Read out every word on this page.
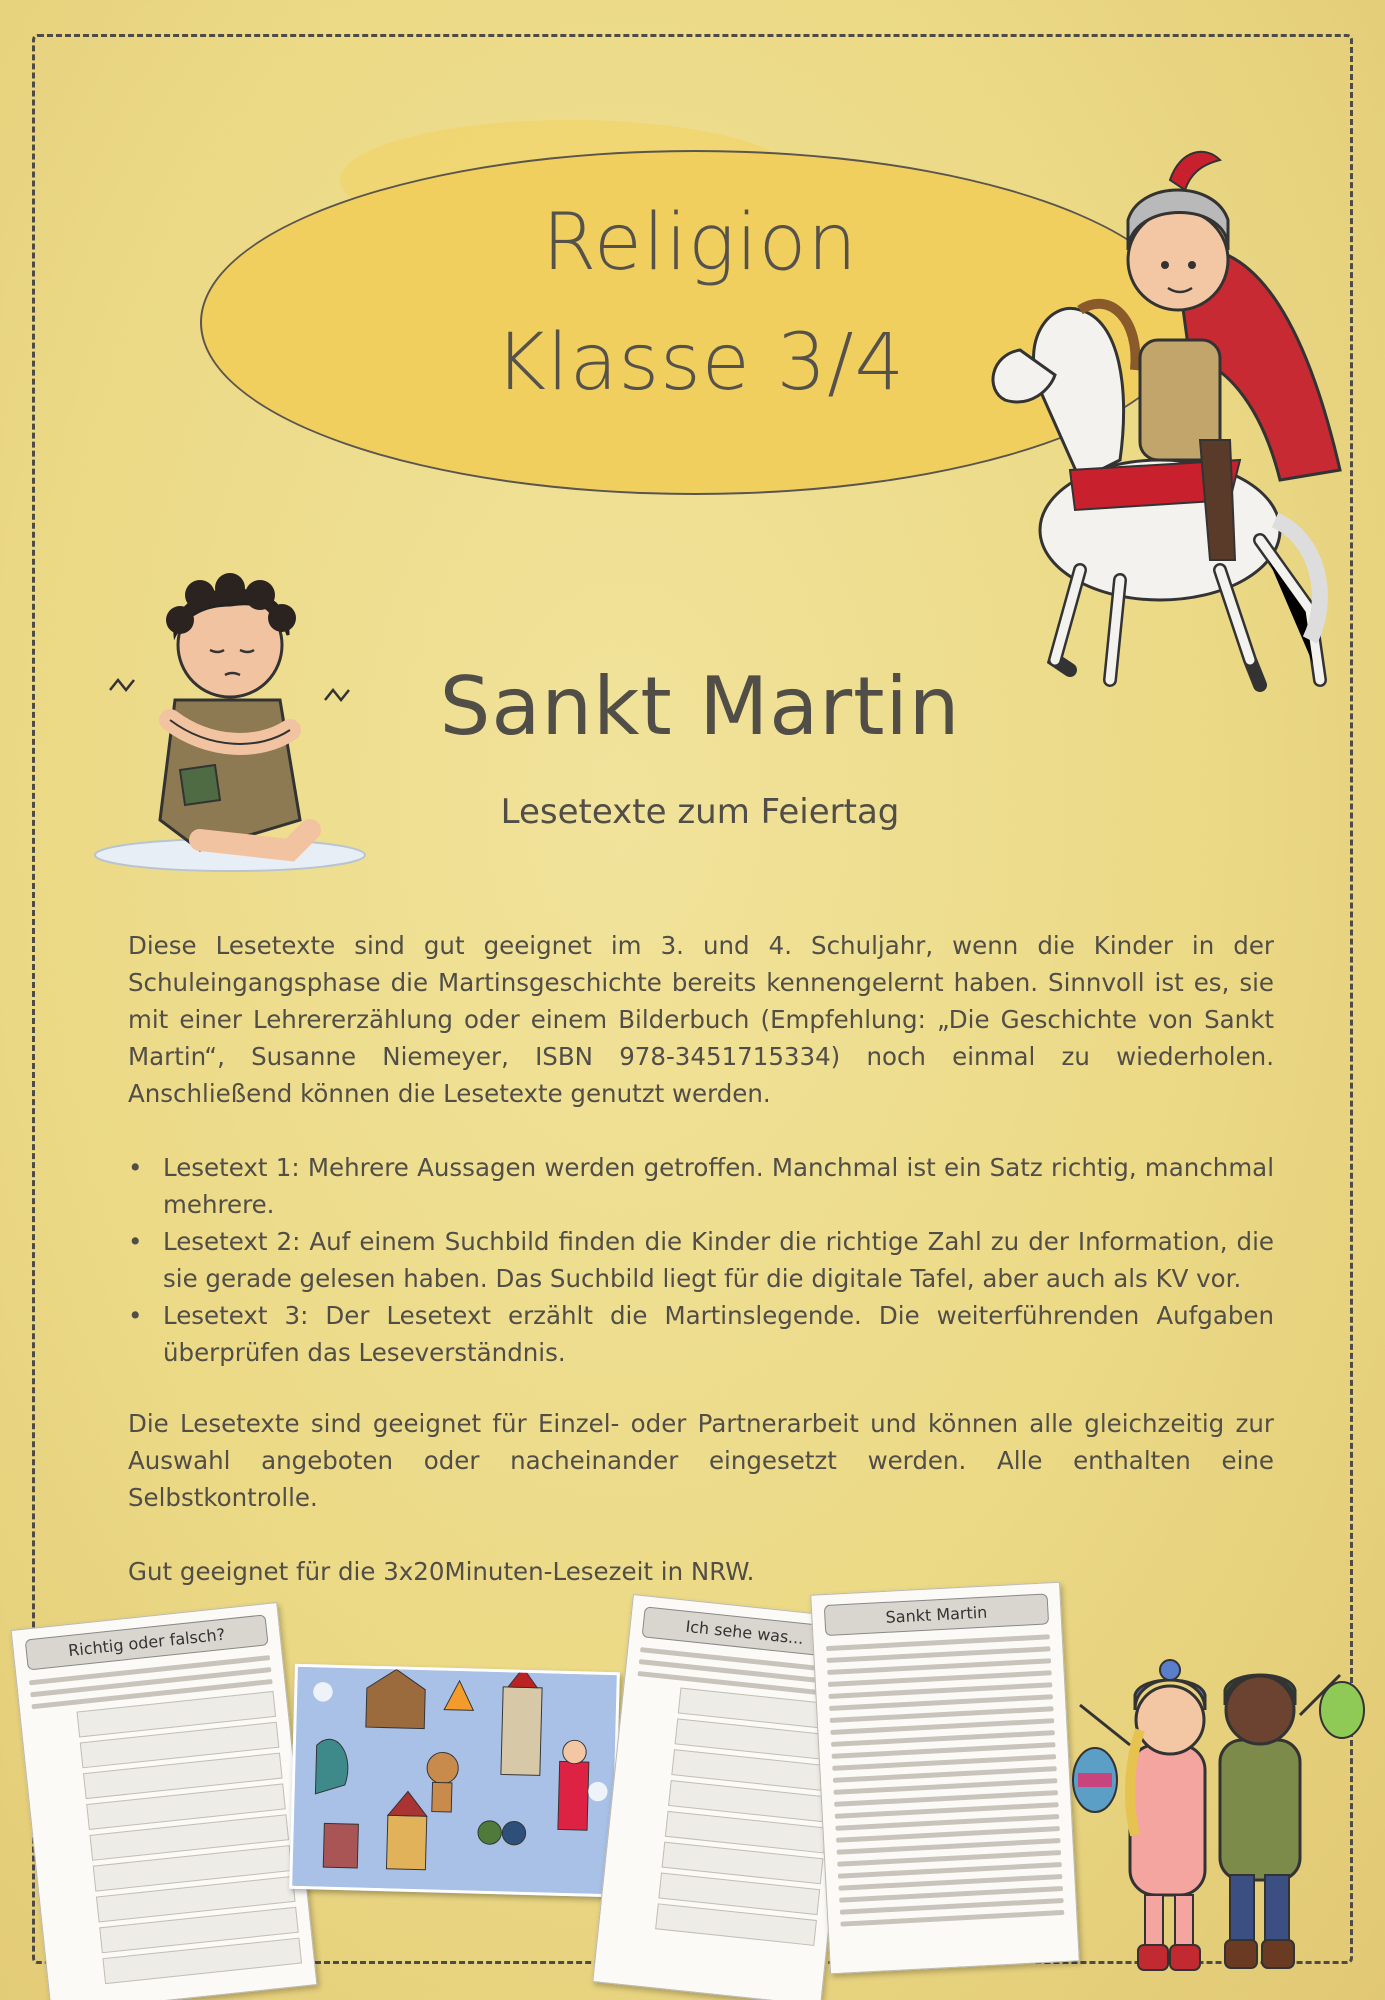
Religion
Klasse 3/4
Sankt Martin
Lesetexte zum Feiertag

Diese Lesetexte sind gut geeignet im 3. und 4. Schuljahr, wenn die Kinder in der Schuleingangsphase die Martinsgeschichte bereits kennengelernt haben. Sinnvoll ist es, sie mit einer Lehrererzählung oder einem Bilderbuch (Empfehlung: „Die Geschichte von Sankt Martin“, Susanne Niemeyer, ISBN 978-3451715334) noch einmal zu wiederholen. Anschließend können die Lesetexte genutzt werden.

• Lesetext 1: Mehrere Aussagen werden getroffen. Manchmal ist ein Satz richtig, manchmal mehrere.
• Lesetext 2: Auf einem Suchbild finden die Kinder die richtige Zahl zu der Information, die sie gerade gelesen haben. Das Suchbild liegt für die digitale Tafel, aber auch als KV vor.
• Lesetext 3: Der Lesetext erzählt die Martinslegende. Die weiterführenden Aufgaben überprüfen das Leseverständnis.

Die Lesetexte sind geeignet für Einzel- oder Partnerarbeit und können alle gleichzeitig zur Auswahl angeboten oder nacheinander eingesetzt werden. Alle enthalten eine Selbstkontrolle.

Gut geeignet für die 3x20Minuten-Lesezeit in NRW.

Richtig oder falsch?	Ich sehe was...
Sankt Martin
